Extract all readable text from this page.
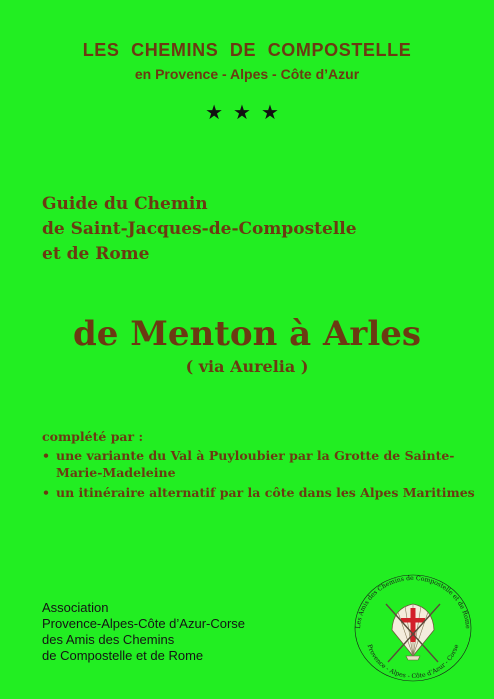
LES CHEMINS DE COMPOSTELLE
en Provence - Alpes - Côte d’Azur
★★★
Guide du Chemin
de Saint-Jacques-de-Compostelle
et de Rome
de Menton à Arles
( via Aurelia )
complété par :
• une variante du Val à Puyloubier par la Grotte de Sainte-Marie-Madeleine
• un itinéraire alternatif par la côte dans les Alpes Maritimes
Association
Provence-Alpes-Côte d’Azur-Corse
des Amis des Chemins
de Compostelle et de Rome
Les Amis des Chemins de Compostelle et de Rome
Provence - Alpes - Côte d’Azur - Corse
